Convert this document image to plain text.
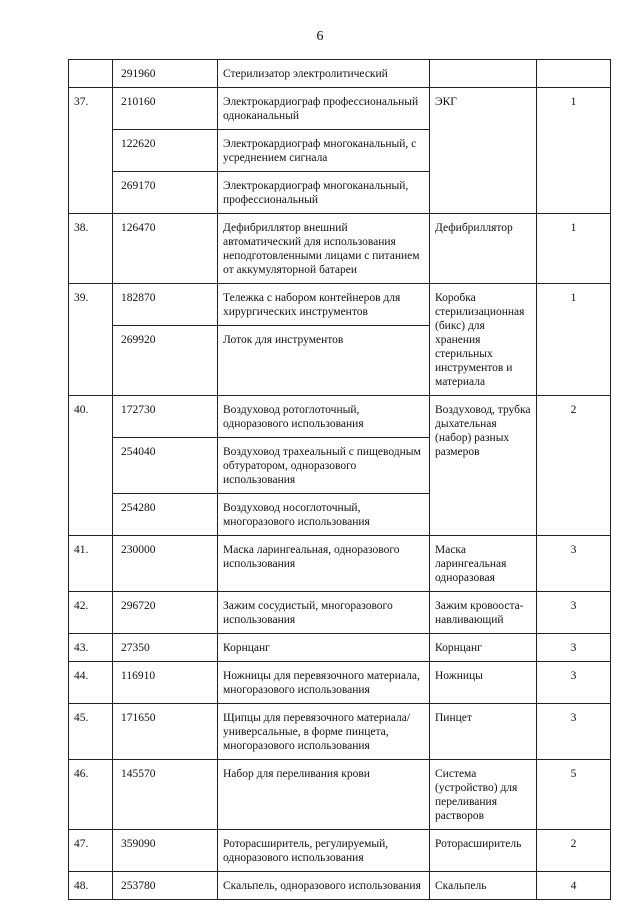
6
	291960	Стерилизатор электролитический		
37.	210160	Электрокардиограф профессиональный одноканальный	ЭКГ	1
	122620	Электрокардиограф многоканальный, с усреднением сигнала		
	269170	Электрокардиограф многоканальный, профессиональный		
38.	126470	Дефибриллятор внешний автоматический для использования неподготовленными лицами с питанием от аккумуляторной батареи	Дефибриллятор	1
39.	182870	Тележка с набором контейнеров для хирургических инструментов	Коробка стерилизационная (бикс) для хранения стерильных инструментов и материала	1
	269920	Лоток для инструментов		
40.	172730	Воздуховод ротоглоточный, одноразового использования	Воздуховод, трубка дыхательная (набор) разных размеров	2
	254040	Воздуховод трахеальный с пищеводным обтуратором, одноразового использования		
	254280	Воздуховод носоглоточный, многоразового использования		
41.	230000	Маска ларингеальная, одноразового использования	Маска ларингеальная одноразовая	3
42.	296720	Зажим сосудистый, многоразового использования	Зажим кровооста-навливающий	3
43.	27350	Корнцанг	Корнцанг	3
44.	116910	Ножницы для перевязочного материала, многоразового использования	Ножницы	3
45.	171650	Щипцы для перевязочного материала/универсальные, в форме пинцета, многоразового использования	Пинцет	3
46.	145570	Набор для переливания крови	Система (устройство) для переливания растворов	5
47.	359090	Роторасширитель, регулируемый, одноразового использования	Роторасширитель	2
48.	253780	Скальпель, одноразового использования	Скальпель	4
